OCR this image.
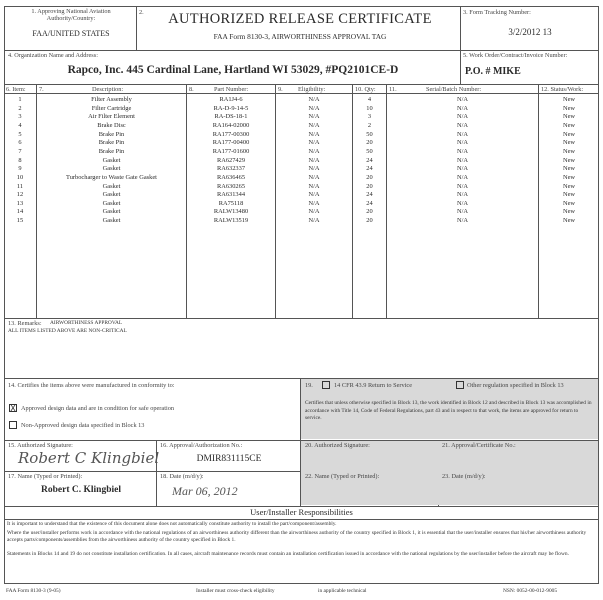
1. Approving National Aviation Authority/Country:
FAA/UNITED STATES
2.	AUTHORIZED RELEASE CERTIFICATE
FAA Form 8130-3, AIRWORTHINESS APPROVAL TAG
3. Form Tracking Number:
3/2/2012 13
4. Organization Name and Address:
Rapco, Inc. 445 Cardinal Lane, Hartland WI 53029, #PQ2101CE-D
5. Work Order/Contract/Invoice Number:
P.O. # MIKE
6. Item: 7.	Description:	8.	Part Number:	9. Eligibility:	10. Qty: 11.	Serial/Batch Number:	12. Status/Work:
1	Filter Assembly	RA1J4-6	N/A	4	N/A	New
2	Filter Cartridge	RA-D-9-14-5	N/A	10	N/A	New
3	Air Filter Element	RA-DS-18-1	N/A	3	N/A	New
4	Brake Disc	RA164-02000	N/A	2	N/A	New
5	Brake Pin	RA177-00300	N/A	50	N/A	New
6	Brake Pin	RA177-00400	N/A	20	N/A	New
7	Brake Pin	RA177-01600	N/A	50	N/A	New
8	Gasket	RA627429	N/A	24	N/A	New
9	Gasket	RA632337	N/A	24	N/A	New
10	Turbocharger to Waste Gate Gasket	RA636465	N/A	20	N/A	New
11	Gasket	RA630265	N/A	20	N/A	New
12	Gasket	RA631344	N/A	24	N/A	New
13	Gasket	RA75118	N/A	24	N/A	New
14	Gasket	RALW13480	N/A	20	N/A	New
15	Gasket	RALW13519	N/A	20	N/A	New
13. Remarks: AIRWORTHINESS APPROVAL
ALL ITEMS LISTED ABOVE ARE NON-CRITICAL
14. Certifies the items above were manufactured in conformity to:
X Approved design data and are in condition for safe operation
Non-Approved design data specified in Block 13
19.	14 CFR 43.9 Return to Service	Other regulation specified in Block 13
Certifies that unless otherwise specified in Block 13, the work identified in Block 12 and described in Block 13 was accomplished in accordance with Title 14, Code of Federal Regulations, part 43 and in respect to that work, the items are approved for return to service.
15. Authorized Signature:
Robert C Klingbiel
16. Approval/Authorization No.:
DMIR831115CE
20. Authorized Signature:	21. Approval/Certificate No.:
17. Name (Typed or Printed):
Robert C. Klingbiel
18. Date (m/d/y):
Mar 06, 2012
22. Name (Typed or Printed):	23. Date (m/d/y):
User/Installer Responsibilities
It is important to understand that the existence of this document alone does not automatically constitute authority to install the part/component/assembly.
Where the user/installer performs work in accordance with the national regulations of an airworthiness authority different than the airworthiness authority of the country specified in Block 1, it is essential that the user/installer ensures that his/her airworthiness authority accepts parts/components/assemblies from the airworthiness authority of the country specified in Block 1.
Statements in Blocks 14 and 19 do not constitute installation certification. In all cases, aircraft maintenance records must contain an installation certification issued in accordance with the national regulations by the user/installer before the aircraft may be flown.
FAA Form 8130-3 (9-05)	Installer must cross-check eligibility	in applicable technical	NSN: 0052-00-012-9005
